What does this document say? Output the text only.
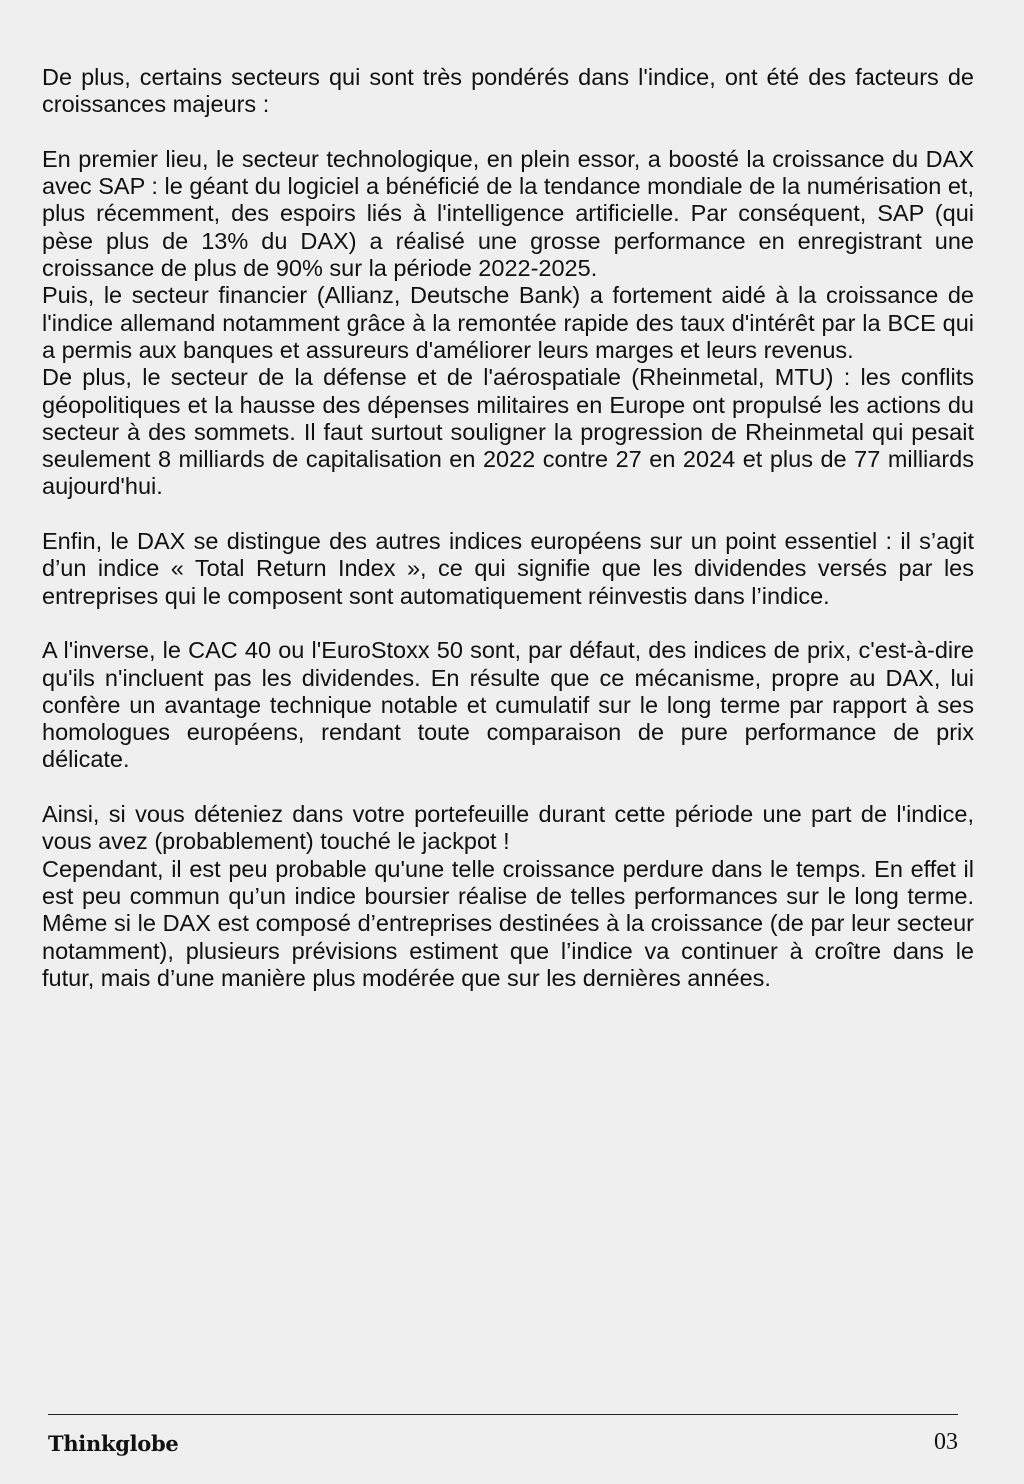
De plus, certains secteurs qui sont très pondérés dans l'indice, ont été des facteurs de croissances majeurs :

En premier lieu, le secteur technologique, en plein essor, a boosté la croissance du DAX avec SAP : le géant du logiciel a bénéficié de la tendance mondiale de la numérisation et, plus récemment, des espoirs liés à l'intelligence artificielle. Par conséquent, SAP (qui pèse plus de 13% du DAX) a réalisé une grosse performance en enregistrant une croissance de plus de 90% sur la période 2022-2025.

Puis, le secteur financier (Allianz, Deutsche Bank) a fortement aidé à la croissance de l'indice allemand notamment grâce à la remontée rapide des taux d'intérêt par la BCE qui a permis aux banques et assureurs d'améliorer leurs marges et leurs revenus.

De plus, le secteur de la défense et de l'aérospatiale (Rheinmetal, MTU) : les conflits géopolitiques et la hausse des dépenses militaires en Europe ont propulsé les actions du secteur à des sommets. Il faut surtout souligner la progression de Rheinmetal qui pesait seulement 8 milliards de capitalisation en 2022 contre 27 en 2024 et plus de 77 milliards aujourd'hui.

Enfin, le DAX se distingue des autres indices européens sur un point essentiel : il s’agit d’un indice « Total Return Index », ce qui signifie que les dividendes versés par les entreprises qui le composent sont automatiquement réinvestis dans l’indice.

A l'inverse, le CAC 40 ou l'EuroStoxx 50 sont, par défaut, des indices de prix, c'est-à-dire qu'ils n'incluent pas les dividendes. En résulte que ce mécanisme, propre au DAX, lui confère un avantage technique notable et cumulatif sur le long terme par rapport à ses homologues européens, rendant toute comparaison de pure performance de prix délicate.

Ainsi, si vous déteniez dans votre portefeuille durant cette période une part de l'indice, vous avez (probablement) touché le jackpot !

Cependant, il est peu probable qu'une telle croissance perdure dans le temps. En effet il est peu commun qu’un indice boursier réalise de telles performances sur le long terme. Même si le DAX est composé d’entreprises destinées à la croissance (de par leur secteur notamment), plusieurs prévisions estiment que l’indice va continuer à croître dans le futur, mais d’une manière plus modérée que sur les dernières années.

Thinkglobe	03
